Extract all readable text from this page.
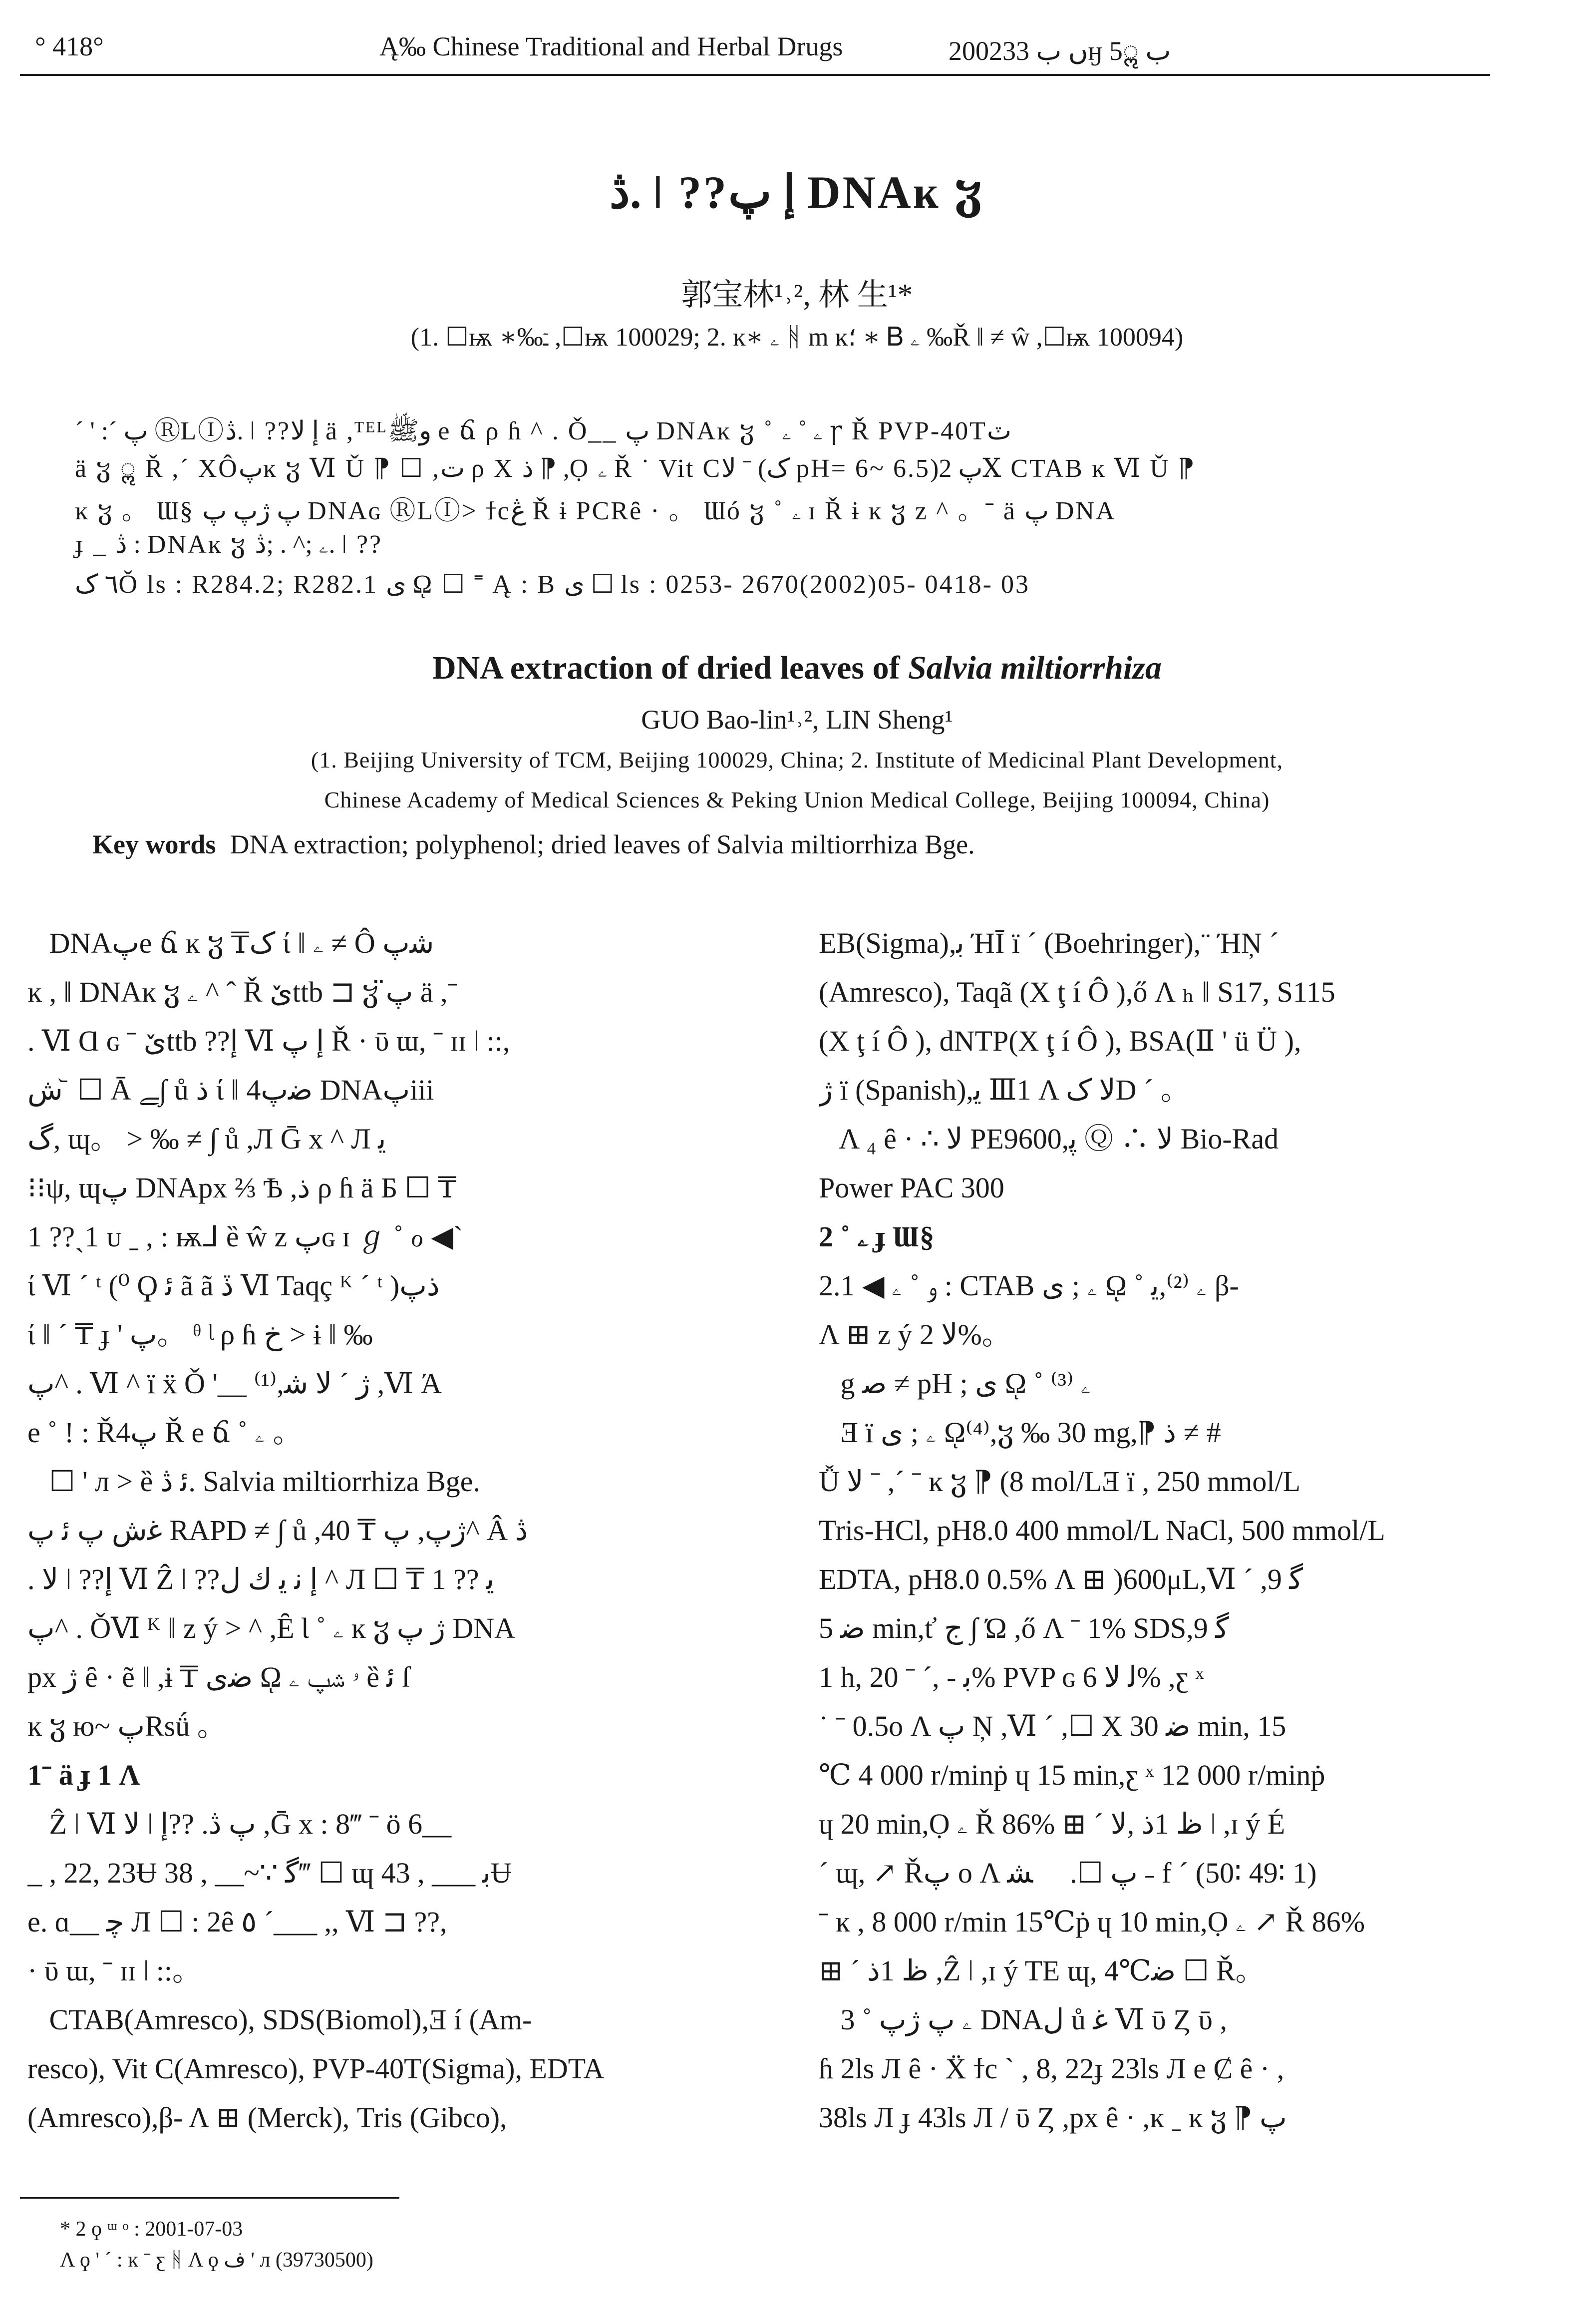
° 418°	Ą‰ Chinese Traditional and Herbal Drugs	2002ں ب 33ӈ ب 5ॢ
ڎ. ǀ ??إ پ DNAĸ ჳ
郭宝林¹˒², 林 生¹*
(1. ☐ѭ ∗‰ـٙ ,☐ѭ 100029; 2. ĸ∗ ۦ ᚻ m ĸ؛ ∗ Ᏼ ۦ ‰Ř ‖ ≠ ŵ ,☐ѭ 100094)
ˊ ' :ˊ پ ⓇLⒾڎ. ǀ ??إ لا ä ,ᵀᴱᴸوﷺ e ճ ρ ɦ ^ . Ǒ__ پ DNAĸ ჳ ˚ ۦ ˚ ۦ ꞅ Ř PVP-40Tٽ
ä ჳ ॢ Ř ,ˊ XÔپĸ ჳ Ⅵ Ǔ ⁋ ☐ ,ت ρ Χ ذ ⁋ ,Ọ ۦ Ř ˙ Vit Cلا ˉ (ک pH= 6~ 6.5)پ 2Ⅹ CTAB ĸ Ⅵ Ǔ ⁋
ĸ ჳ 。 Ɯ§ پ ژپ پ DNAɢ ⓇLⒾ> ϯcڠ Ř ɨ PCRȇ · 。 Ɯó ჳ ˚ ۦ ɪ Ř ɨ ĸ ჳ z ^ 。ˉ ä پ DNA
ɟ _ ڎ : DNAĸ ჳ ۦ ;^ . ;ڎ. ǀ ??
٦ کǑ ls : R284.2; R282.1 ى ῼ ☐ ˭ Ą : B ى ☐ ls : 0253- 2670(2002)05- 0418- 03
DNA extraction of dried leaves of Salvia miltiorrhiza
GUO Bao-lin¹˒², LIN Sheng¹
(1. Beijing University of TCM, Beijing 100029, China; 2. Institute of Medicinal Plant Development,
Chinese Academy of Medical Sciences & Peking Union Medical College, Beijing 100094, China)
Key words DNA extraction; polyphenol; dried leaves of Salvia miltiorrhiza Bge.

DNAپe ճ ĸ ჳ ₸ک ί ‖ ۦ ≠ Ô ﺷپ

ĸ , ‖ DNAĸ ჳ ۦ ^ ˆ Ř ێttb ⊐ ჳ پ̈ ä ,ˉ

. Ⅵ Ɑ ɢ ˉ ێttb ??إ Ⅵ إ ﭖ Ř · ῡ ɯ, ˉ ɪɪ ǀ ::,

ش ᷅ ☐ Ā ﮯ∫ ů ذ ί ‖ ﺿپ4 DNAپiii

گ, ɰ。 > ‰ ≠ ∫ ů ,Л Ḡ x ^ Л ﯾ

⁝⁝ψ, ɰپ DNApx ⅔ Ѣ ,ذ ρ ɦ ä Б ☐ ₸

1 ??ˎ1 ᴜ ˍ , : ѭ⅃ ȅ ŵ z پɢ ɪ ℊ ˚ ℴ ◀ˋ

ί Ⅵ ˊ ᵗ (⁰ Ϙ ﺋ ã ã ڏ Ⅵ Taqç ᴷ ˊ ᵗ )ذپ

ί ‖ ˊ ₸ ɟ ' پ。 ᶿ ᶩ ρ ɦ ﺥ > ɨ ‖ ‰

پ^ . Ⅵ ^ ï ẍ Ǒ '__ ⁽¹⁾,ژ ˊ لا ﺷ ,Ⅵ Ά

e ˚ ! : Řپ4 Ř e ճ ˚ ۦ 。

☐ ' л > ȅ ﺋ ڎ. Salvia miltiorrhiza Bge.

ﻏش پ ﺋ ﭖ RAPD ≠ ∫ ů ,ژپ, پ ₸ 40^ Â ڎ

. لا ǀ ??إ Ⅵ Ẑ ǀ ??إ ﻧ ﻳ ﻙ ﻝ ^ Л ☐ ₸ 1 ?? ﯾ

پ^ . ǑⅥ ᴷ ‖ z ý > ^ ,Ȇ Ɩ ˚ ۦ ĸ ჳ ژ پ DNA

px ژ ȇ · ẽ ‖ ,ɨ ₸ ﺿﻯ ῼ ۥ ﺷپ ۦ ȅ ﺋ ſ

ĸ ჳ ю~ پRsǘ 。

1ˉ ä ɟ 1 Λ

Ẑ ǀ Ⅵ لا ǀ پ ڎ. ??إ ,Ḡ x : 8‴ ˉ ö 6__

_ , 22, 23Ʉ ﮔ ∵~__ , 38‴ ☐ ɰ ﺑ ___ , 43Ʉ

e. ɑ__ ﭼ Л ☐ : 2ȇ ٥ ˊ___ ,, Ⅵ ⊐ ??,

· ῡ ɯ, ˉ ɪɪ ǀ ::。

CTAB(Amresco), SDS(Biomol),Ǝ í (Am-

resco), Vit C(Amresco), PVP-40T(Sigma), EDTA

(Amresco),β- Λ ⊞ (Merck), Tris (Gibco),

EB(Sigma),ﺑ ΉĪ ï ˊ (Boehringer),¨ ΉŅ ˊ

(Amresco), Taqã (Χ ţ í Ô ),ő Λ ₕ ‖ S17, S115

(Χ ţ í Ô ), dNTP(Χ ţ í Ô ), BSA(Ⅱ ' ü Ü ),

ژ ï (Spanish),ﯾ Ⅲ1 Λ لا کD ˊ 。

Λ ₄ ȇ · ∴ لا PE9600,ﭘ Ⓠ ∴ لا Bio-Rad

Power PAC 300

2 ˚ ۦ ɟ Ɯ§

2.1 ◀ و ˚ ۦ : CTAB ۦ ; ى ῼ ˚ ۦ ⁽²⁾,ﯾ β-

Λ ⊞ z ý لا 2%。

g ﺻ ≠ pH ; ى ῼ ˚ ۦ ⁽³⁾

Ǝ ï ۦ ; ى ῼ⁽⁴⁾,ჳ ‰ 30 mg,⁋ ذ ≠ #

Ǚ لا ˉ ,ˊ ˉ ĸ ჳ ⁋ (8 mol/LƎ ï , 250 mmol/L

Tris-HCl, pH8.0 400 mmol/L NaCl, 500 mmol/L

EDTA, pH8.0 0.5% Λ ⊞ )600μL,Ⅵ ˊ ,9 ﮔ

ﺿ 5 min,ť ج ∫ Ώ ,ő Λ ˉ 1% SDS,9 ﮔ

1 h, ﺑ - ,ˊ ˉ 20% PVP ɢ ﻟ لا 6% ,ƹ ˣ

˙ ˉ 0.5o Λ پ Ņ ,Ⅵ ˊ ,☐ Χ ﺿ 30 min, 15

℃ 4 000 r/minṗ ɥ 15 min,ƹ ˣ 12 000 r/minṗ

ɥ 20 min,Ọ ۦ Ř 86% ⊞ ˊ ظ 1ذ ,لا ǀ ,ɪ ý É

ˊ ɰ, ↗ Řﭖ o Λ پ ☐. ᪽ ﺸ ˗ f ˊ (50∶ 49∶ 1)

ˉ ĸ , 8 000 r/min 15℃ṗ ɥ 10 min,Ọ ۦ ↗ Ř 86%

⊞ ˊ ظ 1ذ ,Ẑ ǀ ,ɪ ý TE ɰ, 4℃ﺿ ☐ Ř。

3 ˚ ۦ پ ژپ DNAل ů ﻏ Ⅵ ῡ Ȥ ῡ ,

ɦ 2ls Л ȇ · Ẍ ϯc ˋ , 8, 22ɟ 23ls Л e Ȼ ȇ · ,

38ls Л ɟ 43ls Л / ῡ Ȥ ,px ȇ · ,ĸ ˍ ĸ ჳ ⁋ پ

* 2 ϙ ᵚ ᵒ : 2001-07-03
Λ ϙ ' ˊ : ĸ ˉ ƹ ᚻ Λ ϙ ﻑ ' л (39730500)
